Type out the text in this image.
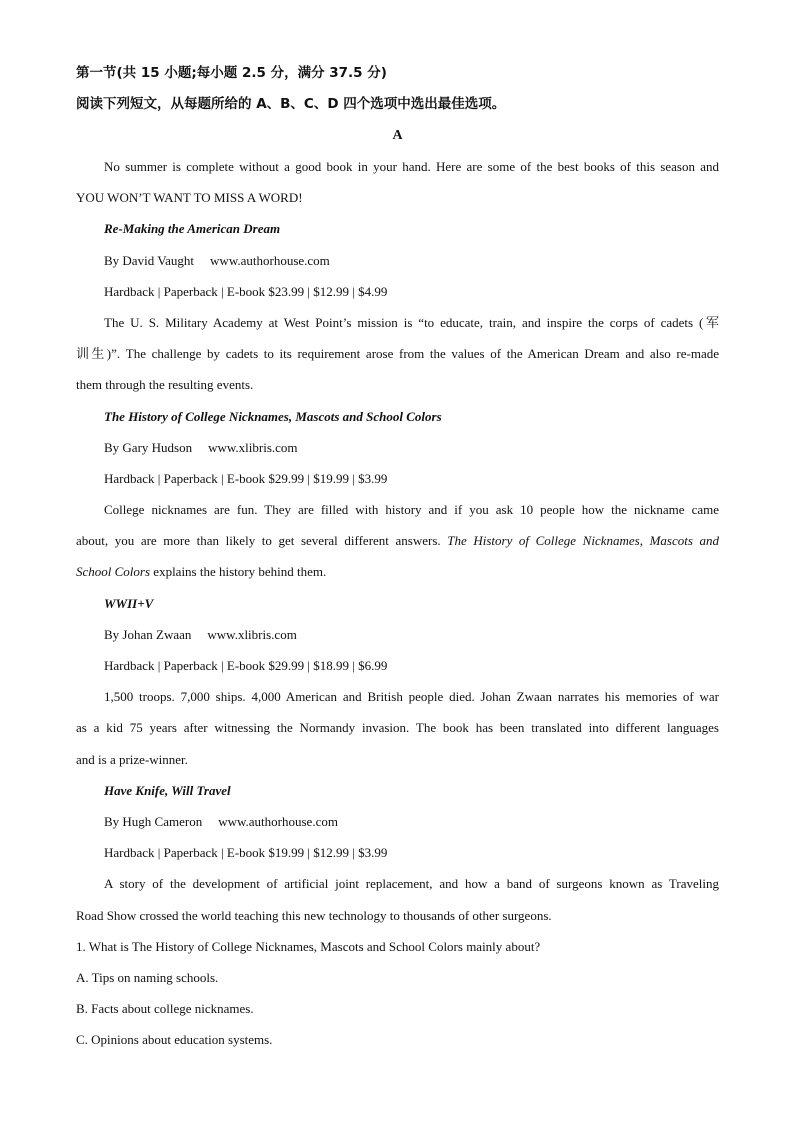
第一节(共 15 小题;每小题 2.5 分，满分 37.5 分)
阅读下列短文，从每题所给的 A、B、C、D 四个选项中选出最佳选项。
A
No summer is complete without a good book in your hand. Here are some of the best books of this season and
YOU WON’T WANT TO MISS A WORD!
Re-Making the American Dream
By David Vaught www.authorhouse.com
Hardback | Paperback | E-book $23.99 | $12.99 | $4.99
The U. S. Military Academy at West Point’s mission is “to educate, train, and inspire the corps of cadets (军
训生)”. The challenge by cadets to its requirement arose from the values of the American Dream and also re-made
them through the resulting events.
The History of College Nicknames, Mascots and School Colors
By Gary Hudson www.xlibris.com
Hardback | Paperback | E-book $29.99 | $19.99 | $3.99
College nicknames are fun. They are filled with history and if you ask 10 people how the nickname came
about, you are more than likely to get several different answers. The History of College Nicknames, Mascots and
School Colors explains the history behind them.
WWII+V
By Johan Zwaan www.xlibris.com
Hardback | Paperback | E-book $29.99 | $18.99 | $6.99
1,500 troops. 7,000 ships. 4,000 American and British people died. Johan Zwaan narrates his memories of war
as a kid 75 years after witnessing the Normandy invasion. The book has been translated into different languages
and is a prize-winner.
Have Knife, Will Travel
By Hugh Cameron www.authorhouse.com
Hardback | Paperback | E-book $19.99 | $12.99 | $3.99
A story of the development of artificial joint replacement, and how a band of surgeons known as Traveling
Road Show crossed the world teaching this new technology to thousands of other surgeons.
1. What is The History of College Nicknames, Mascots and School Colors mainly about?
A. Tips on naming schools.
B. Facts about college nicknames.
C. Opinions about education systems.
